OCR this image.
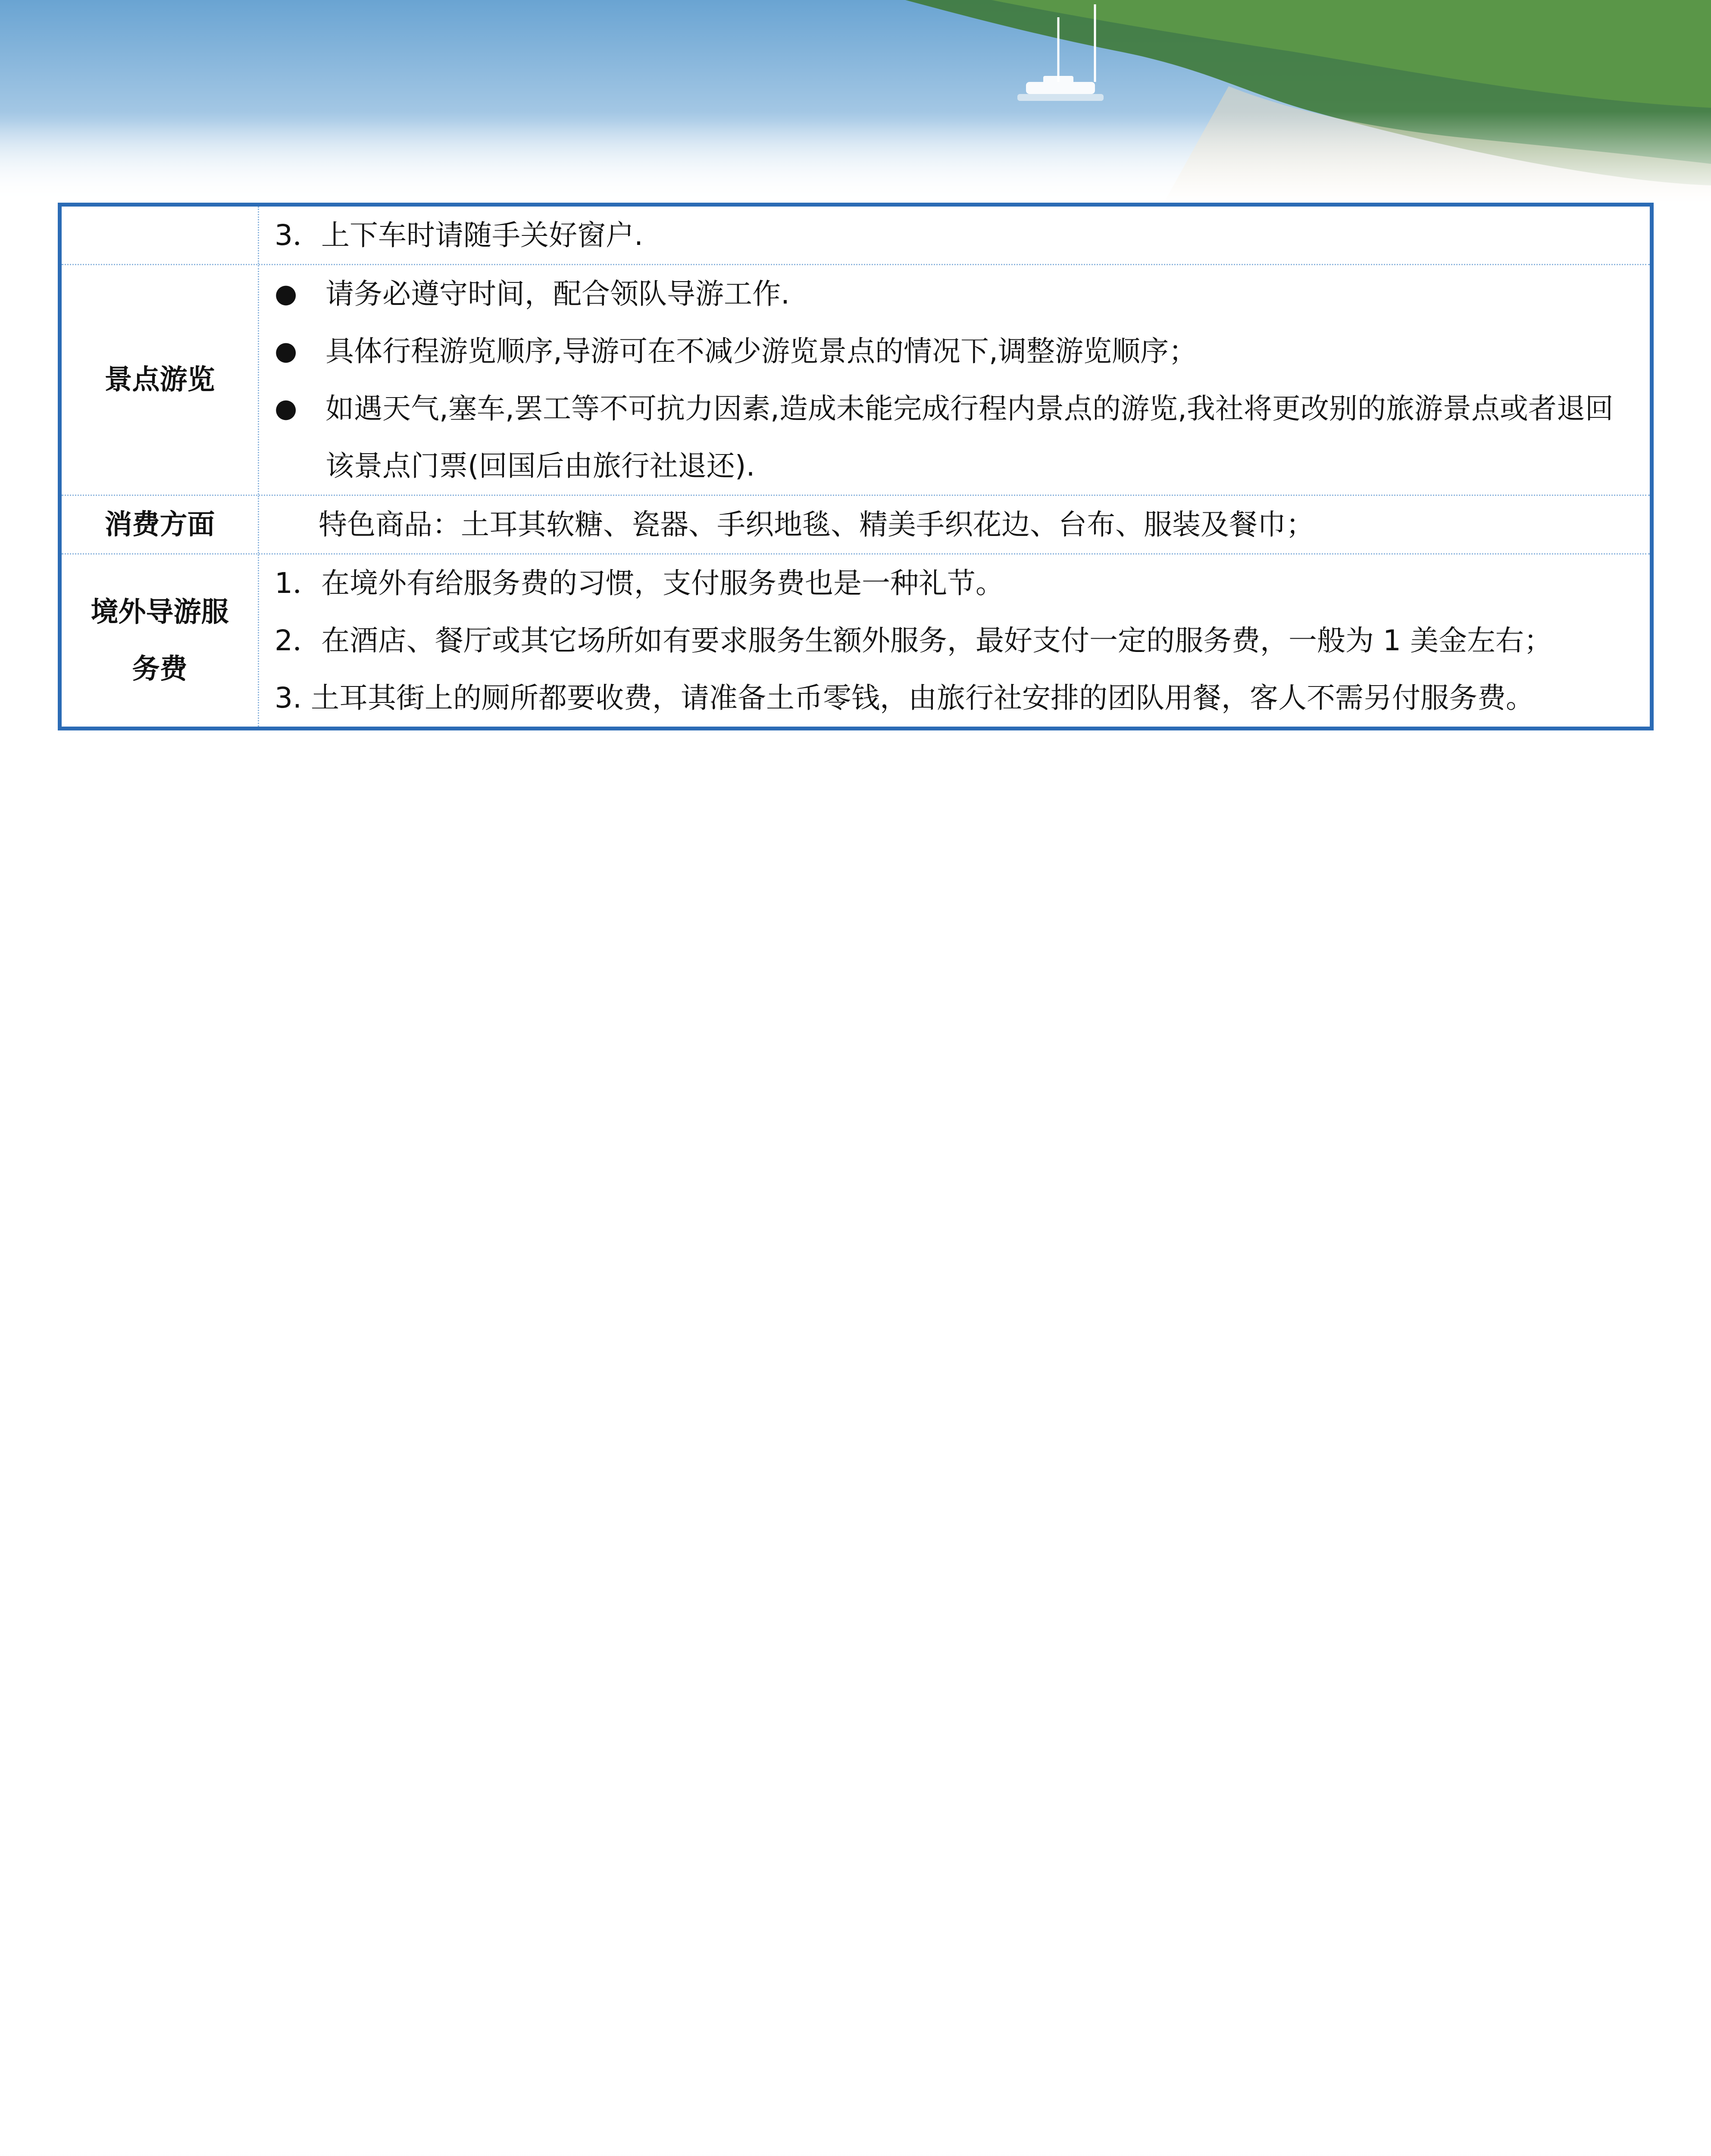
3．上下车时请随手关好窗户.
景点游览
● 请务必遵守时间，配合领队导游工作.
● 具体行程游览顺序,导游可在不减少游览景点的情况下,调整游览顺序；
● 如遇天气,塞车,罢工等不可抗力因素,造成未能完成行程内景点的游览,我社将更改别的旅游景点或者退回该景点门票(回国后由旅行社退还).
消费方面	特色商品：土耳其软糖、瓷器、手织地毯、精美手织花边、台布、服装及餐巾；
境外导游服
务费
1．在境外有给服务费的习惯，支付服务费也是一种礼节。
2．在酒店、餐厅或其它场所如有要求服务生额外服务，最好支付一定的服务费，一般为 1 美金左右；
3. 土耳其街上的厕所都要收费，请准备土币零钱，由旅行社安排的团队用餐，客人不需另付服务费。
